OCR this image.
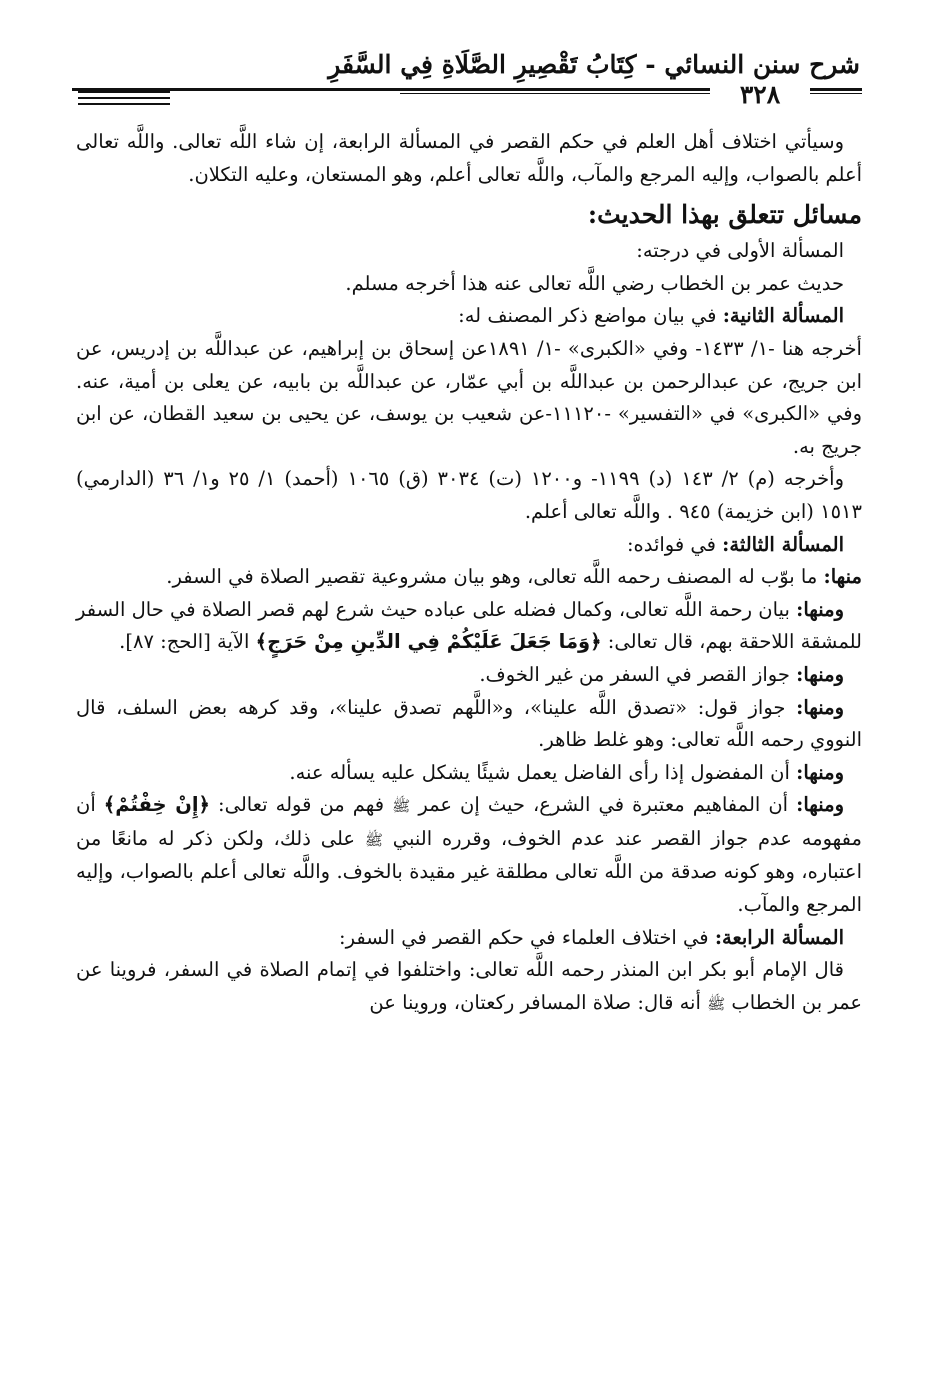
شرح سنن النسائي - كِتَابُ تَقْصِيرِ الصَّلَاةِ فِي السَّفَرِ
٣٢٨

وسيأتي اختلاف أهل العلم في حكم القصر في المسألة الرابعة، إن شاء اللَّه تعالى. واللَّه تعالى أعلم بالصواب، وإليه المرجع والمآب، واللَّه تعالى أعلم، وهو المستعان، وعليه التكلان.

مسائل تتعلق بهذا الحديث:

المسألة الأولى في درجته:

حديث عمر بن الخطاب رضي اللَّه تعالى عنه هذا أخرجه مسلم.

المسألة الثانية: في بيان مواضع ذكر المصنف له:

أخرجه هنا -١/ ١٤٣٣- وفي «الكبرى» -١/ ١٨٩١عن إسحاق بن إبراهيم، عن عبداللَّه بن إدريس، عن ابن جريج، عن عبدالرحمن بن عبداللَّه بن أبي عمّار، عن عبداللَّه بن بابيه، عن يعلى بن أمية، عنه. وفي «الكبرى» في «التفسير» -١١١٢٠-عن شعيب بن يوسف، عن يحيى بن سعيد القطان، عن ابن جريج به.

وأخرجه (م) ٢/ ١٤٣ (د) ١١٩٩- و١٢٠٠ (ت) ٣٠٣٤ (ق) ١٠٦٥ (أحمد) ١/ ٢٥ و١/ ٣٦ (الدارمي) ١٥١٣ (ابن خزيمة) ٩٤٥ . واللَّه تعالى أعلم.

المسألة الثالثة: في فوائده:

منها: ما بوّب له المصنف رحمه اللَّه تعالى، وهو بيان مشروعية تقصير الصلاة في السفر.

ومنها: بيان رحمة اللَّه تعالى، وكمال فضله على عباده حيث شرع لهم قصر الصلاة في حال السفر للمشقة اللاحقة بهم، قال تعالى: ﴿وَمَا جَعَلَ عَلَيْكُمْ فِي الدِّينِ مِنْ حَرَجٍ﴾ الآية [الحج: ٨٧].

ومنها: جواز القصر في السفر من غير الخوف.

ومنها: جواز قول: «تصدق اللَّه علينا»، و«اللَّهم تصدق علينا»، وقد كرهه بعض السلف، قال النووي رحمه اللَّه تعالى: وهو غلط ظاهر.

ومنها: أن المفضول إذا رأى الفاضل يعمل شيئًا يشكل عليه يسأله عنه.

ومنها: أن المفاهيم معتبرة في الشرع، حيث إن عمر ﷺ فهم من قوله تعالى: ﴿إِنْ خِفْتُمْ﴾ أن مفهومه عدم جواز القصر عند عدم الخوف، وقرره النبي ﷺ على ذلك، ولكن ذكر له مانعًا من اعتباره، وهو كونه صدقة من اللَّه تعالى مطلقة غير مقيدة بالخوف. واللَّه تعالى أعلم بالصواب، وإليه المرجع والمآب.

المسألة الرابعة: في اختلاف العلماء في حكم القصر في السفر:

قال الإمام أبو بكر ابن المنذر رحمه اللَّه تعالى: واختلفوا في إتمام الصلاة في السفر، فروينا عن عمر بن الخطاب ﷺ أنه قال: صلاة المسافر ركعتان، وروينا عن
